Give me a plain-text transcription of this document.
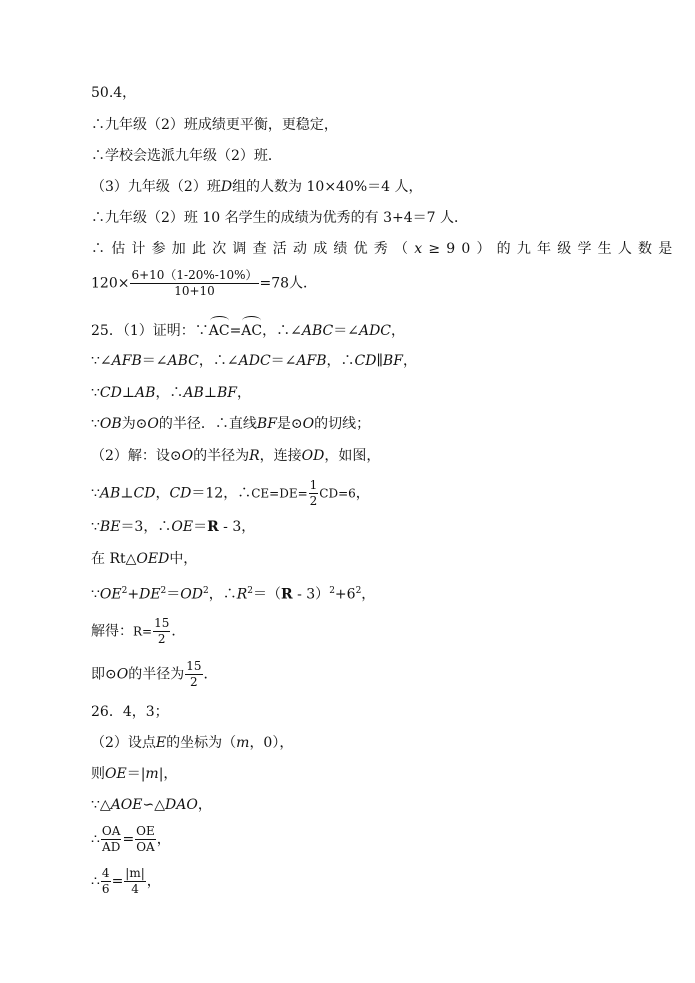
50.4，
∴九年级（2）班成绩更平衡，更稳定，
∴学校会选派九年级（2）班．
（3）九年级（2）班D组的人数为 10×40%＝4 人，
∴九年级（2）班 10 名学生的成绩为优秀的有 3+4＝7 人．
∴估计参加此次调查活动成绩优秀（x≥90）的九年级学生人数是
$120\times \frac{6+10(1-20\%-10\%)}{10+10} =78$人．
25．（1）证明：∵AC=AC，∴∠ABC＝∠ADC，
∵∠AFB＝∠ABC，∴∠ADC＝∠AFB，∴CD∥BF，
∵CD⊥AB，∴AB⊥BF，
∵OB为⊙O的半径．∴直线BF是⊙O的切线；
（2）解：设⊙O的半径为R，连接OD，如图，
∵AB⊥CD，CD＝12，∴CE=DE= $\frac{1}{2} CD=6$，
∵BE＝3，∴OE＝R - 3，
在 Rt△OED中，
$\because OE^2+DE^2=OD^2$，$\therefore R^2=(R - 3)^2+6^2$，
解得：$R= \frac{15}{2}$ ．
即⊙O的半径为 $\frac{15}{2}$ ．
26．4，3；
（2）设点E的坐标为（m，0），
则OE＝|m|，
∵△AOE∽△DAO，
∴ $\frac{OA}{AD} = \frac{OE}{OA}$ ，
∴ $\frac{4}{6} = \frac{|m|}{4}$ ，
